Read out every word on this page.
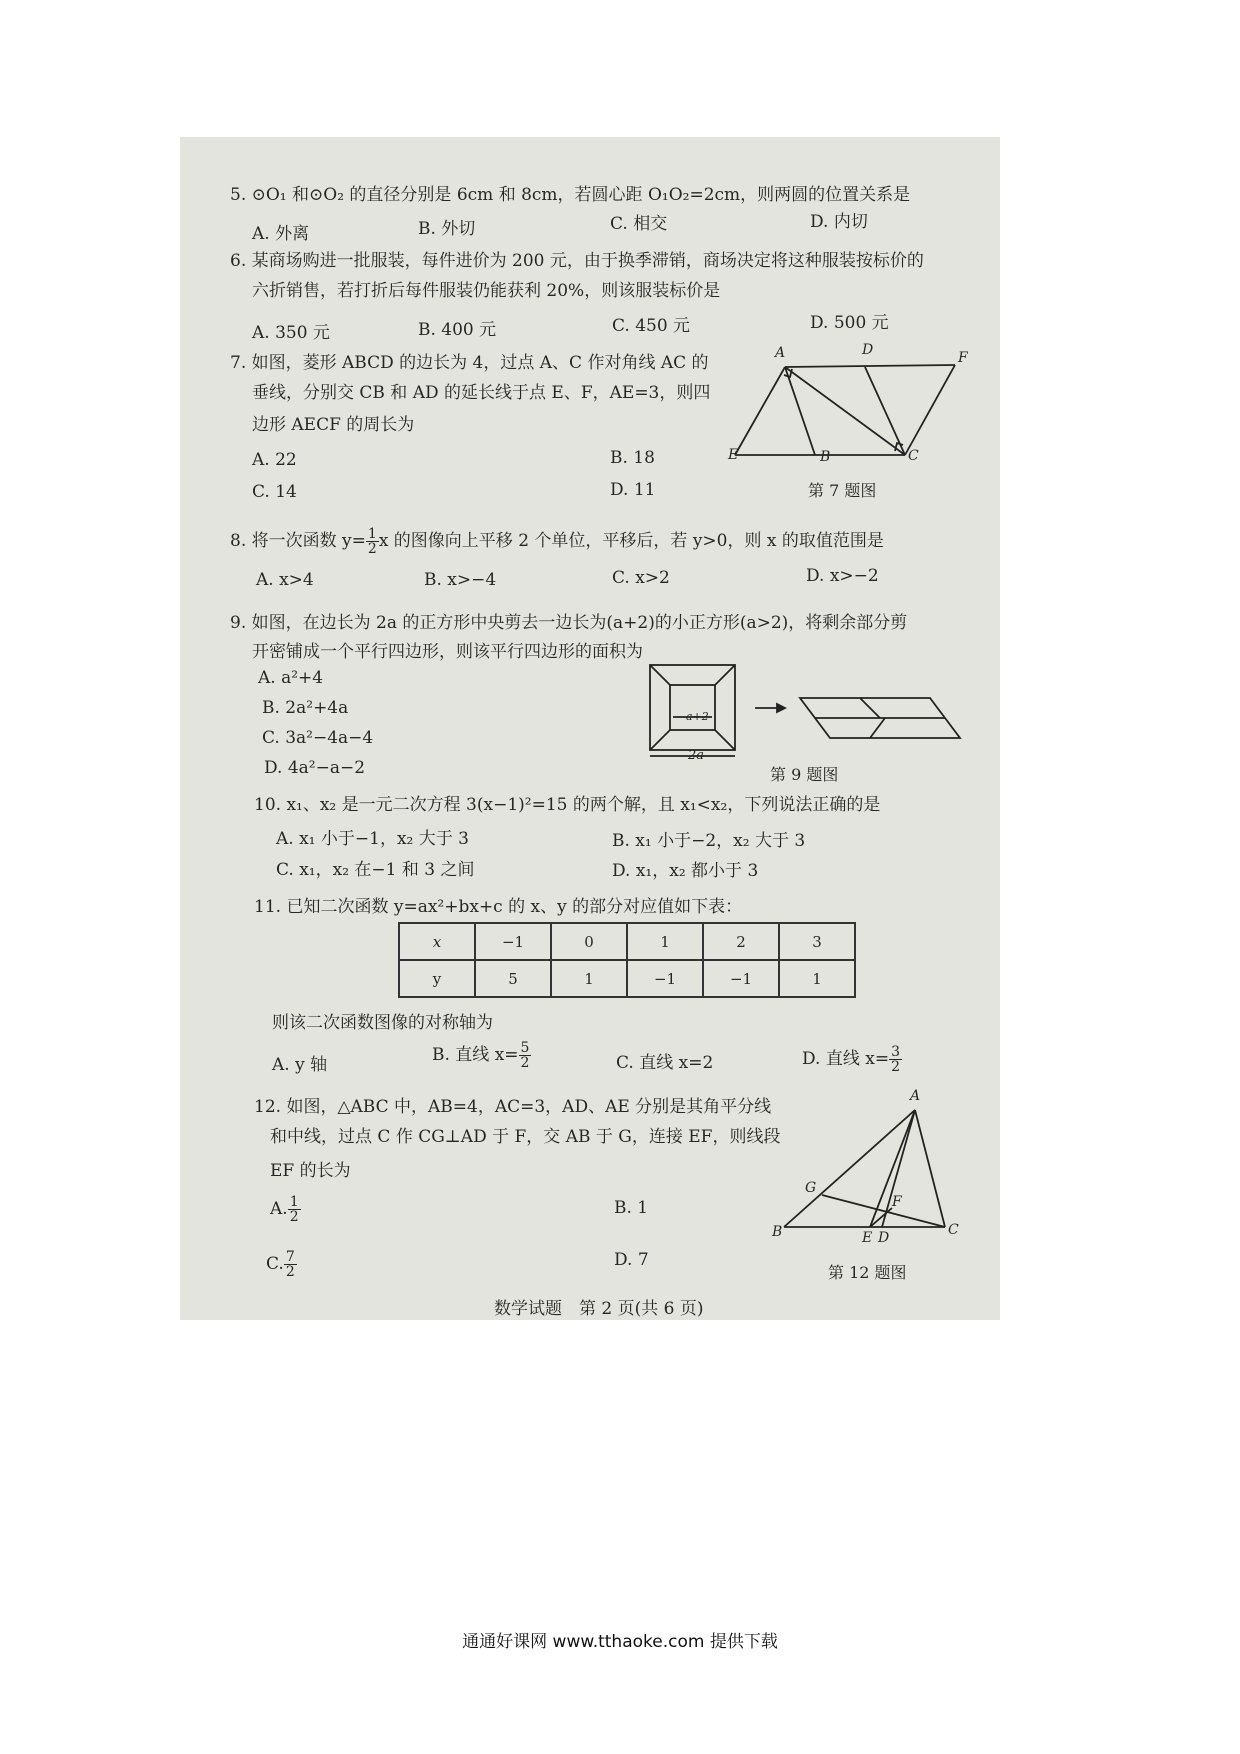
5. ⊙O₁ 和⊙O₂ 的直径分别是 6cm 和 8cm，若圆心距 O₁O₂=2cm，则两圆的位置关系是
A. 外离	B. 外切	C. 相交	D. 内切
6. 某商场购进一批服装，每件进价为 200 元，由于换季滞销，商场决定将这种服装按标价的
六折销售，若打折后每件服装仍能获利 20%，则该服装标价是
A. 350 元	B. 400 元	C. 450 元	D. 500 元
7. 如图，菱形 ABCD 的边长为 4，过点 A、C 作对角线 AC 的
垂线，分别交 CB 和 AD 的延长线于点 E、F，AE=3，则四
边形 AECF 的周长为
A. 22	B. 18
C. 14	D. 11
A	D	F
E	B	C
第 7 题图
8. 将一次函数 $y= \frac{1}{2}$ x 的图像向上平移 2 个单位，平移后，若 y>0，则 x 的取值范围是
A. x>4	B. x>−4	C. x>2	D. x>−2
9. 如图，在边长为 2a 的正方形中央剪去一边长为(a+2)的小正方形(a>2)，将剩余部分剪
开密铺成一个平行四边形，则该平行四边形的面积为
A. a²+4
B. 2a²+4a
C. 3a²−4a−4
D. 4a²−a−2
a+2
2a
第 9 题图
10. x₁、x₂ 是一元二次方程 3(x−1)²=15 的两个解，且 x₁<x₂，下列说法正确的是
A. x₁ 小于−1，x₂ 大于 3	B. x₁ 小于−2，x₂ 大于 3
C. x₁，x₂ 在−1 和 3 之间	D. x₁，x₂ 都小于 3
11. 已知二次函数 y=ax²+bx+c 的 x、y 的部分对应值如下表：
x	−1	0	1	2	3
y	5	1	−1	−1	1
则该二次函数图像的对称轴为
A. y 轴	B. 直线 $x= \frac{5}{2}$	C. 直线 x=2	D. 直线 $x= \frac{3}{2}$
12. 如图，△ABC 中，AB=4，AC=3，AD、AE 分别是其角平分线
和中线，过点 C 作 CG⊥AD 于 F，交 AB 于 G，连接 EF，则线段
EF 的长为
A. $\frac{1}{2}$	B. 1
C. $\frac{7}{2}$	D. 7
A
G
F
B	E D	C
第 12 题图
数学试题　第 2 页(共 6 页)
通通好课网 www.tthaoke.com 提供下载
